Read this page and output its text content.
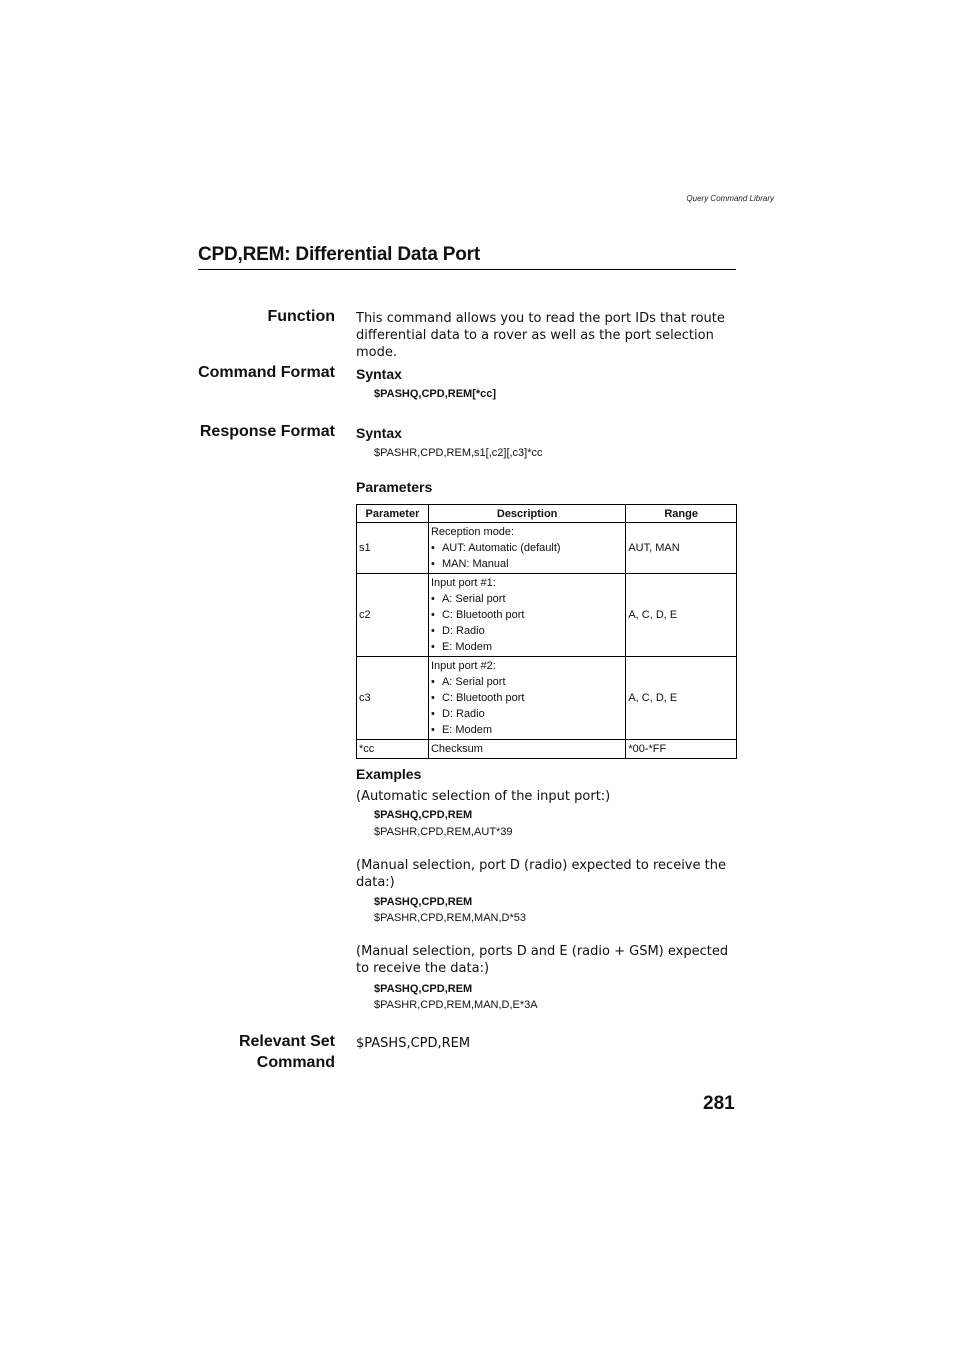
Query Command Library
CPD,REM: Differential Data Port
Function This command allows you to read the port IDs that route differential data to a rover as well as the port selection mode.
Command Format Syntax
$PASHQ,CPD,REM[*cc]
Response Format Syntax
$PASHR,CPD,REM,s1[,c2][,c3]*cc
Parameters
Parameter	Description	Range
s1	Reception mode:
• AUT: Automatic (default)
• MAN: Manual	AUT, MAN
c2	Input port #1:
• A: Serial port
• C: Bluetooth port
• D: Radio
• E: Modem	A, C, D, E
c3	Input port #2:
• A: Serial port
• C: Bluetooth port
• D: Radio
• E: Modem	A, C, D, E
*cc	Checksum	*00-*FF
Examples
(Automatic selection of the input port:)
$PASHQ,CPD,REM
$PASHR,CPD,REM,AUT*39
(Manual selection, port D (radio) expected to receive the data:)
$PASHQ,CPD,REM
$PASHR,CPD,REM,MAN,D*53
(Manual selection, ports D and E (radio + GSM) expected to receive the data:)
$PASHQ,CPD,REM
$PASHR,CPD,REM,MAN,D,E*3A
Relevant Set
Command
$PASHS,CPD,REM
281
